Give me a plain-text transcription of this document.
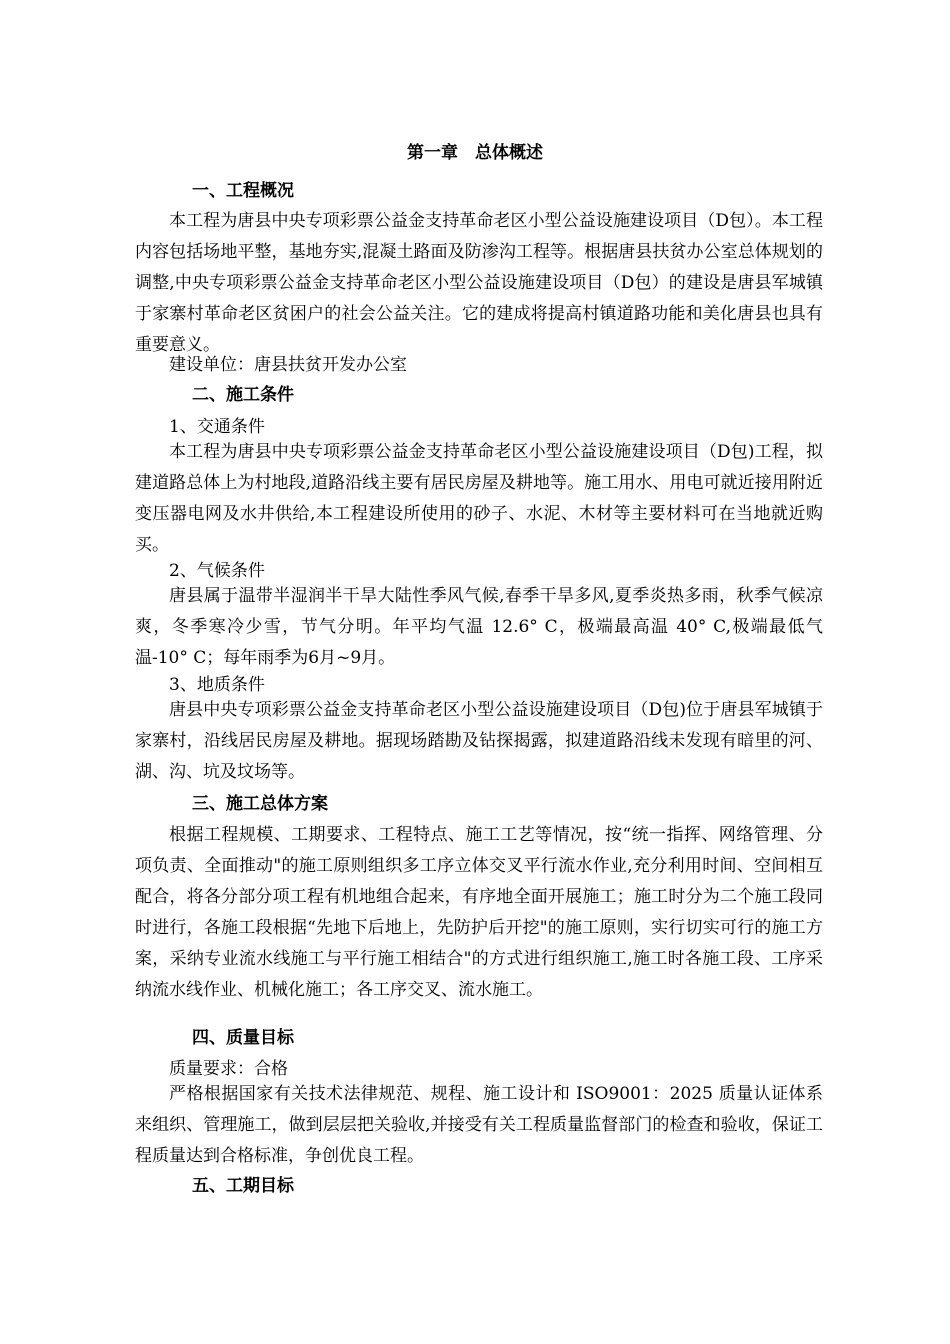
第一章　总体概述
一、工程概况

本工程为唐县中央专项彩票公益金支持革命老区小型公益设施建设项目（D包）。本工程内容包括场地平整，基地夯实,混凝土路面及防渗沟工程等。根据唐县扶贫办公室总体规划的调整,中央专项彩票公益金支持革命老区小型公益设施建设项目（D包）的建设是唐县军城镇于家寨村革命老区贫困户的社会公益关注。它的建成将提高村镇道路功能和美化唐县也具有重要意义。

建设单位：唐县扶贫开发办公室
二、施工条件
1、交通条件

本工程为唐县中央专项彩票公益金支持革命老区小型公益设施建设项目（D包)工程，拟建道路总体上为村地段,道路沿线主要有居民房屋及耕地等。施工用水、用电可就近接用附近变压器电网及水井供给,本工程建设所使用的砂子、水泥、木材等主要材料可在当地就近购买。

2、气候条件

唐县属于温带半湿润半干旱大陆性季风气候,春季干旱多风,夏季炎热多雨，秋季气候凉爽，冬季寒冷少雪，节气分明。年平均气温 12.6° C，极端最高温 40° C,极端最低气温-10° C；每年雨季为6月~9月。

3、地质条件

唐县中央专项彩票公益金支持革命老区小型公益设施建设项目（D包)位于唐县军城镇于家寨村，沿线居民房屋及耕地。据现场踏勘及钻探揭露，拟建道路沿线未发现有暗里的河、湖、沟、坑及坟场等。

三、施工总体方案

根据工程规模、工期要求、工程特点、施工工艺等情况，按“统一指挥、网络管理、分项负责、全面推动"的施工原则组织多工序立体交叉平行流水作业,充分利用时间、空间相互配合，将各分部分项工程有机地组合起来，有序地全面开展施工；施工时分为二个施工段同时进行，各施工段根据“先地下后地上，先防护后开挖"的施工原则，实行切实可行的施工方案，采纳专业流水线施工与平行施工相结合"的方式进行组织施工,施工时各施工段、工序采纳流水线作业、机械化施工；各工序交叉、流水施工。

四、质量目标
质量要求：合格

严格根据国家有关技术法律规范、规程、施工设计和 ISO9001：2025 质量认证体系来组织、管理施工，做到层层把关验收,并接受有关工程质量监督部门的检查和验收，保证工程质量达到合格标准，争创优良工程。

五、工期目标
